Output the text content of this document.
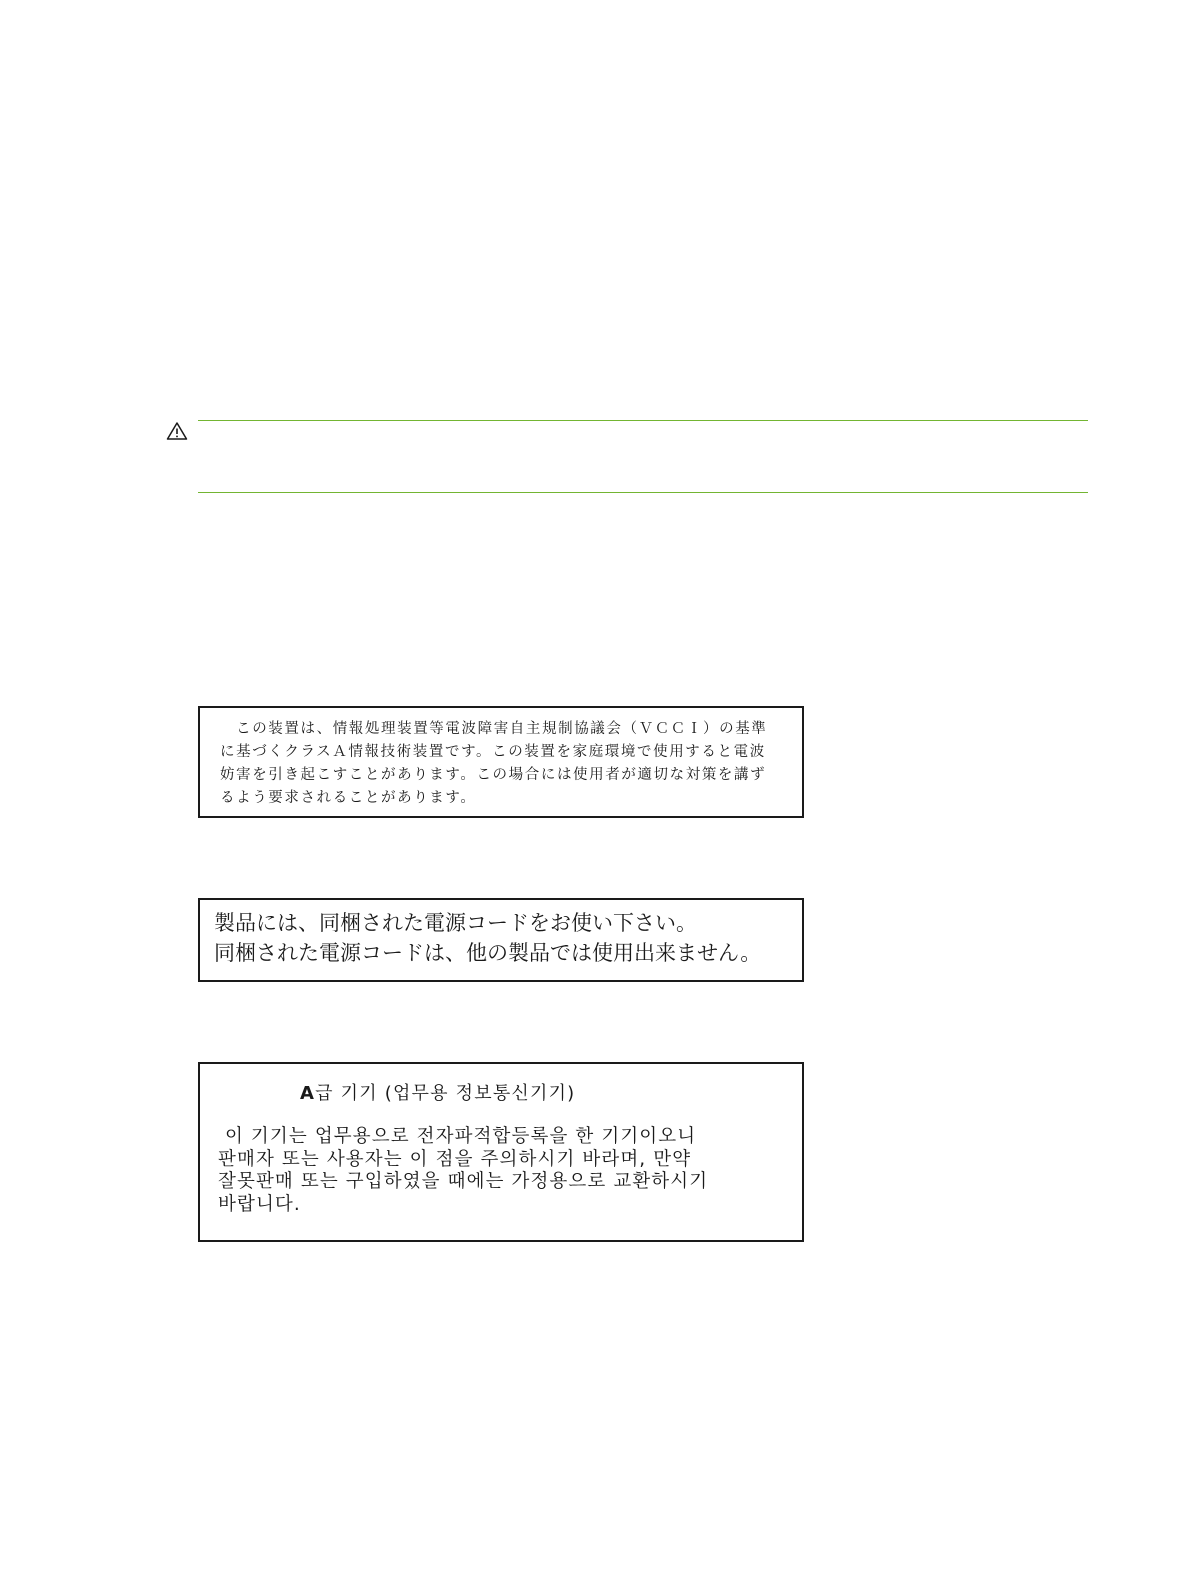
　この装置は、情報処理装置等電波障害自主規制協議会（ＶＣＣＩ）の基準
に基づくクラスＡ情報技術装置です。この装置を家庭環境で使用すると電波
妨害を引き起こすことがあります。この場合には使用者が適切な対策を講ず
るよう要求されることがあります。

製品には、同梱された電源コードをお使い下さい。

同梱された電源コードは、他の製品では使用出来ません。

A급 기기 (업무용 정보통신기기)

이 기기는 업무용으로 전자파적합등록을 한 기기이오니
판매자 또는 사용자는 이 점을 주의하시기 바라며, 만약
잘못판매 또는 구입하였을 때에는 가정용으로 교환하시기
바랍니다.
